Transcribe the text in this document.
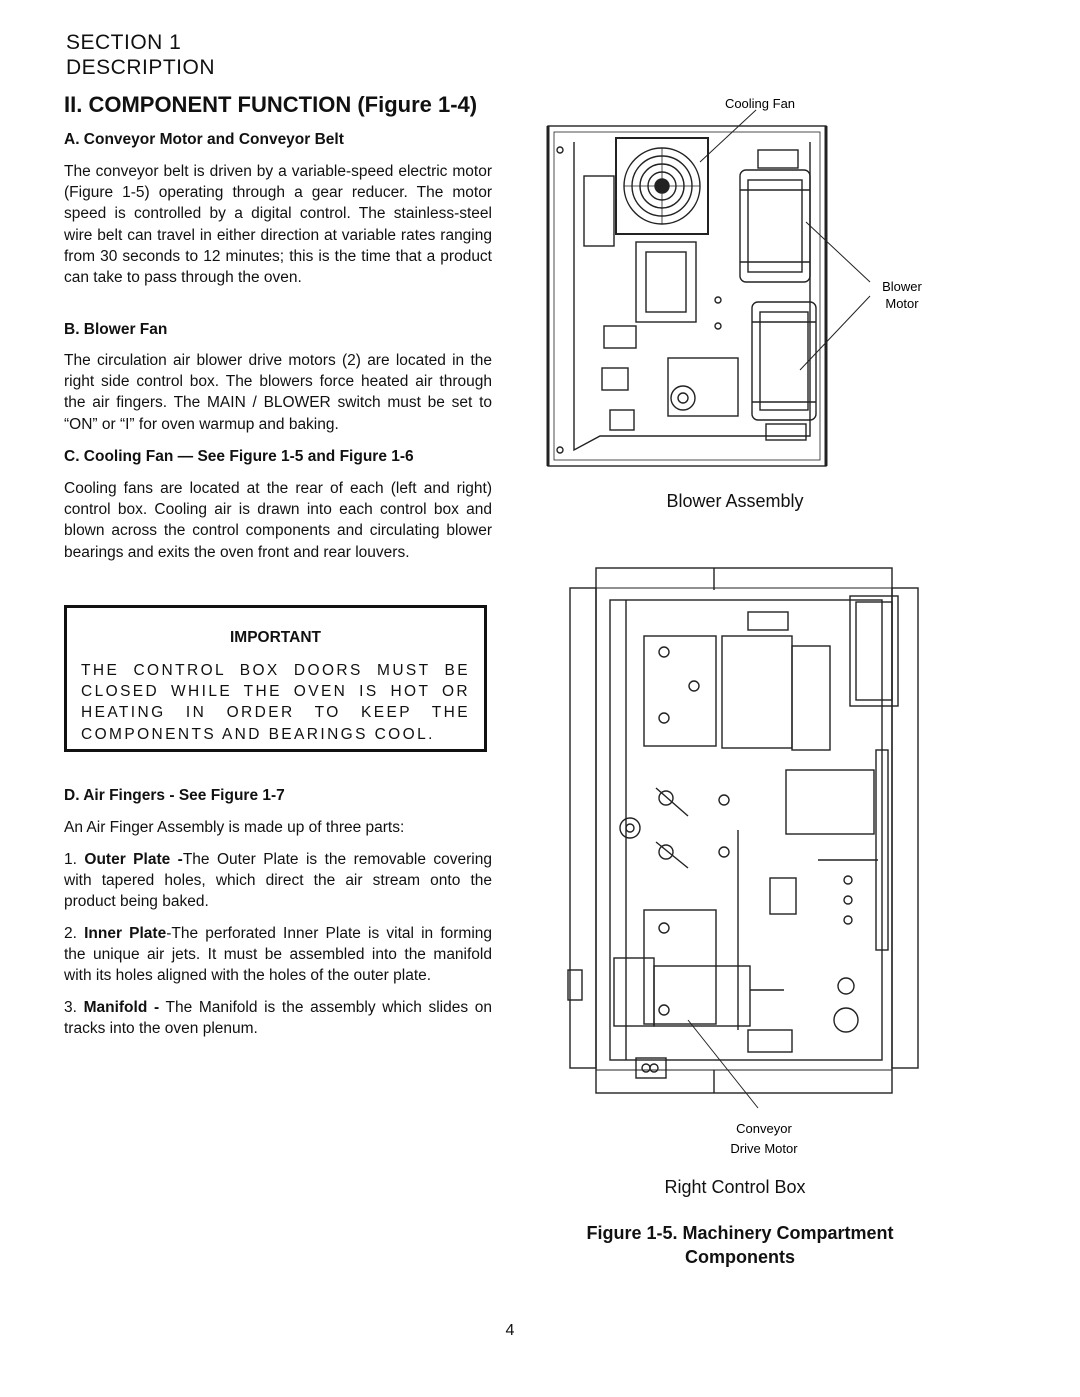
SECTION 1
DESCRIPTION
II. COMPONENT FUNCTION (Figure 1-4)
A. Conveyor Motor and Conveyor Belt
The conveyor belt is driven by a variable-speed electric motor (Figure 1-5) operating through a gear reducer. The motor speed is controlled by a digital control. The stainless-steel wire belt can travel in either direction at variable rates ranging from 30 seconds to 12 minutes; this is the time that a product can take to pass through the oven.
B. Blower Fan
The circulation air blower drive motors (2) are located in the right side control box. The blowers force heated air through the air fingers. The MAIN / BLOWER switch must be set to “ON” or “I” for oven warmup and baking.
C. Cooling Fan — See Figure 1-5 and Figure 1-6
Cooling fans are located at the rear of each (left and right) control box. Cooling air is drawn into each control box and blown across the control components and circulating blower bearings and exits the oven front and rear louvers.
IMPORTANT
THE CONTROL BOX DOORS MUST BE CLOSED WHILE THE OVEN IS HOT OR HEATING IN ORDER TO KEEP THE COMPONENTS AND BEARINGS COOL.
D. Air Fingers - See Figure 1-7
An Air Finger Assembly is made up of three parts:
1. Outer Plate -The Outer Plate is the removable covering with tapered holes, which direct the air stream onto the product being baked.
2. Inner Plate-The perforated Inner Plate is vital in forming the unique air jets. It must be assembled into the manifold with its holes aligned with the holes of the outer plate.
3. Manifold - The Manifold is the assembly which slides on tracks into the oven plenum.
Cooling Fan
Blower
Motor
Blower Assembly
Conveyor
Drive Motor
Right Control Box
Figure 1-5. Machinery Compartment
Components
4
